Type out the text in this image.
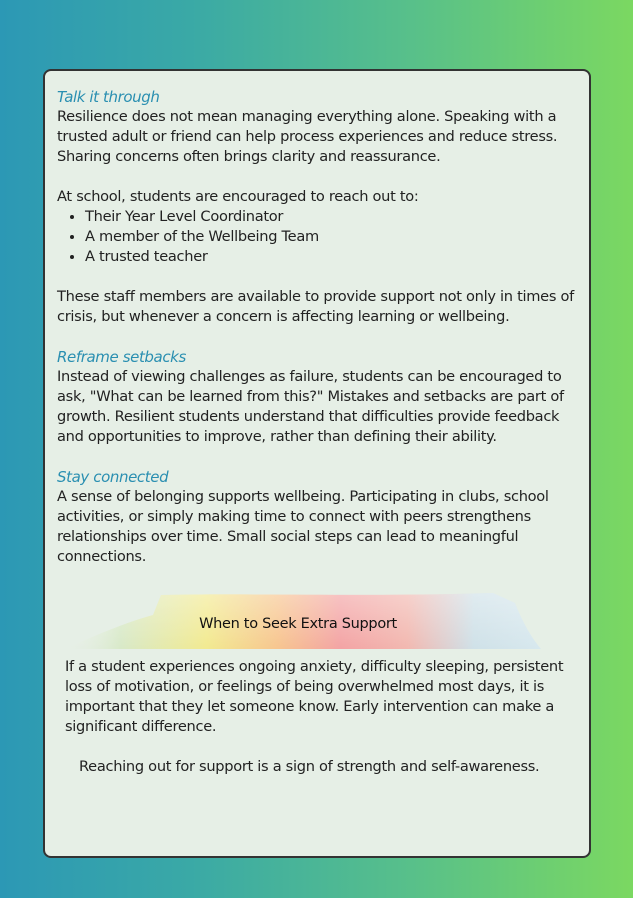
Talk it through

Resilience does not mean managing everything alone. Speaking with a trusted adult or friend can help process experiences and reduce stress. Sharing concerns often brings clarity and reassurance.

At school, students are encouraged to reach out to:

• Their Year Level Coordinator
• A member of the Wellbeing Team
• A trusted teacher

These staff members are available to provide support not only in times of crisis, but whenever a concern is affecting learning or wellbeing.

Reframe setbacks

Instead of viewing challenges as failure, students can be encouraged to ask, "What can be learned from this?" Mistakes and setbacks are part of growth. Resilient students understand that difficulties provide feedback and opportunities to improve, rather than defining their ability.

Stay connected

A sense of belonging supports wellbeing. Participating in clubs, school activities, or simply making time to connect with peers strengthens relationships over time. Small social steps can lead to meaningful connections.

When to Seek Extra Support

If a student experiences ongoing anxiety, difficulty sleeping, persistent loss of motivation, or feelings of being overwhelmed most days, it is important that they let someone know. Early intervention can make a significant difference.

Reaching out for support is a sign of strength and self-awareness.
